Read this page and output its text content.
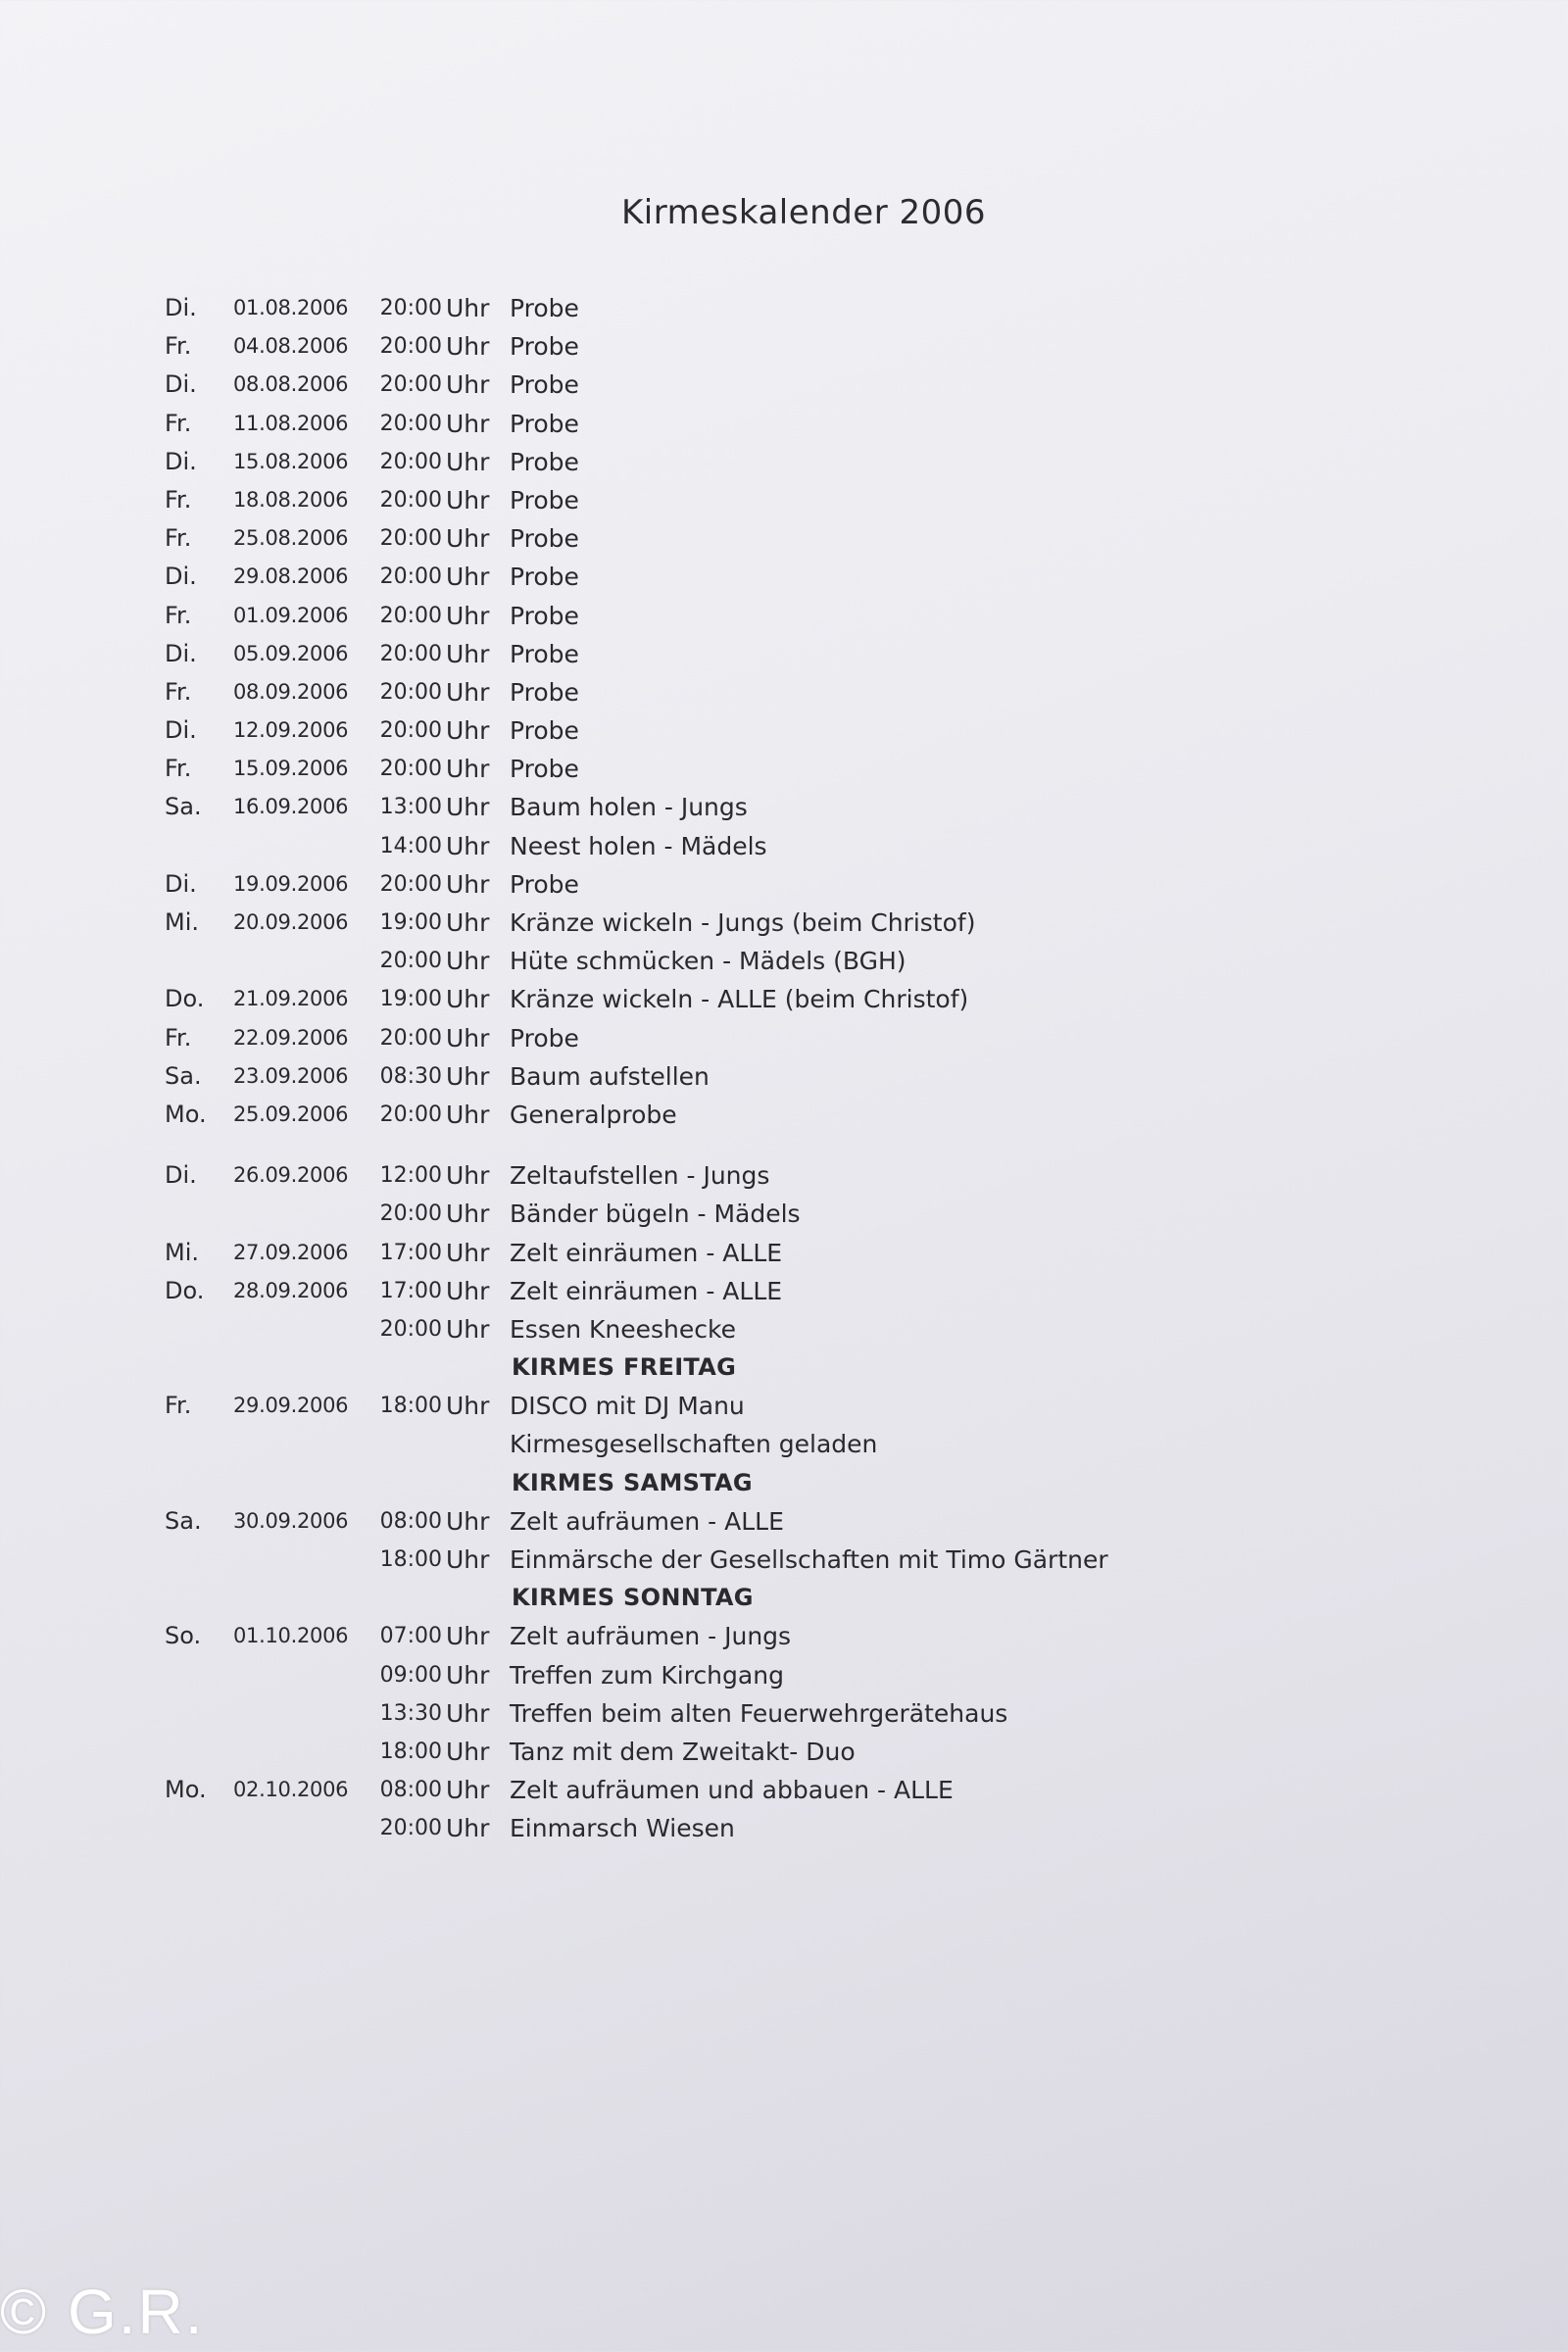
Kirmeskalender 2006
Di. 01.08.2006	20:00 Uhr Probe
Fr. 04.08.2006	20:00 Uhr Probe
Di. 08.08.2006	20:00 Uhr Probe
Fr. 11.08.2006	20:00 Uhr Probe
Di. 15.08.2006	20:00 Uhr Probe
Fr. 18.08.2006	20:00 Uhr Probe
Fr. 25.08.2006	20:00 Uhr Probe
Di. 29.08.2006	20:00 Uhr Probe
Fr. 01.09.2006	20:00 Uhr Probe
Di. 05.09.2006	20:00 Uhr Probe
Fr. 08.09.2006	20:00 Uhr Probe
Di. 12.09.2006	20:00 Uhr Probe
Fr. 15.09.2006	20:00 Uhr Probe
Sa. 16.09.2006	13:00 Uhr Baum holen - Jungs
14:00 Uhr Neest holen - Mädels
Di. 19.09.2006	20:00 Uhr Probe
Mi. 20.09.2006	19:00 Uhr Kränze wickeln - Jungs (beim Christof)
20:00 Uhr Hüte schmücken - Mädels (BGH)
Do. 21.09.2006	19:00 Uhr Kränze wickeln - ALLE (beim Christof)
Fr. 22.09.2006	20:00 Uhr Probe
Sa. 23.09.2006	08:30 Uhr Baum aufstellen
Mo. 25.09.2006	20:00 Uhr Generalprobe
Di. 26.09.2006	12:00 Uhr Zeltaufstellen - Jungs
20:00 Uhr Bänder bügeln - Mädels
Mi. 27.09.2006	17:00 Uhr Zelt einräumen - ALLE
Do. 28.09.2006	17:00 Uhr Zelt einräumen - ALLE
20:00 Uhr Essen Kneeshecke
KIRMES FREITAG
Fr. 29.09.2006	18:00 Uhr DISCO mit DJ Manu
Kirmesgesellschaften geladen
KIRMES SAMSTAG
Sa. 30.09.2006	08:00 Uhr Zelt aufräumen - ALLE
18:00 Uhr Einmärsche der Gesellschaften mit Timo Gärtner
KIRMES SONNTAG
So. 01.10.2006	07:00 Uhr Zelt aufräumen - Jungs
09:00 Uhr Treffen zum Kirchgang
13:30 Uhr Treffen beim alten Feuerwehrgerätehaus
18:00 Uhr Tanz mit dem Zweitakt- Duo
Mo. 02.10.2006	08:00 Uhr Zelt aufräumen und abbauen - ALLE
20:00 Uhr Einmarsch Wiesen
© G.R.
